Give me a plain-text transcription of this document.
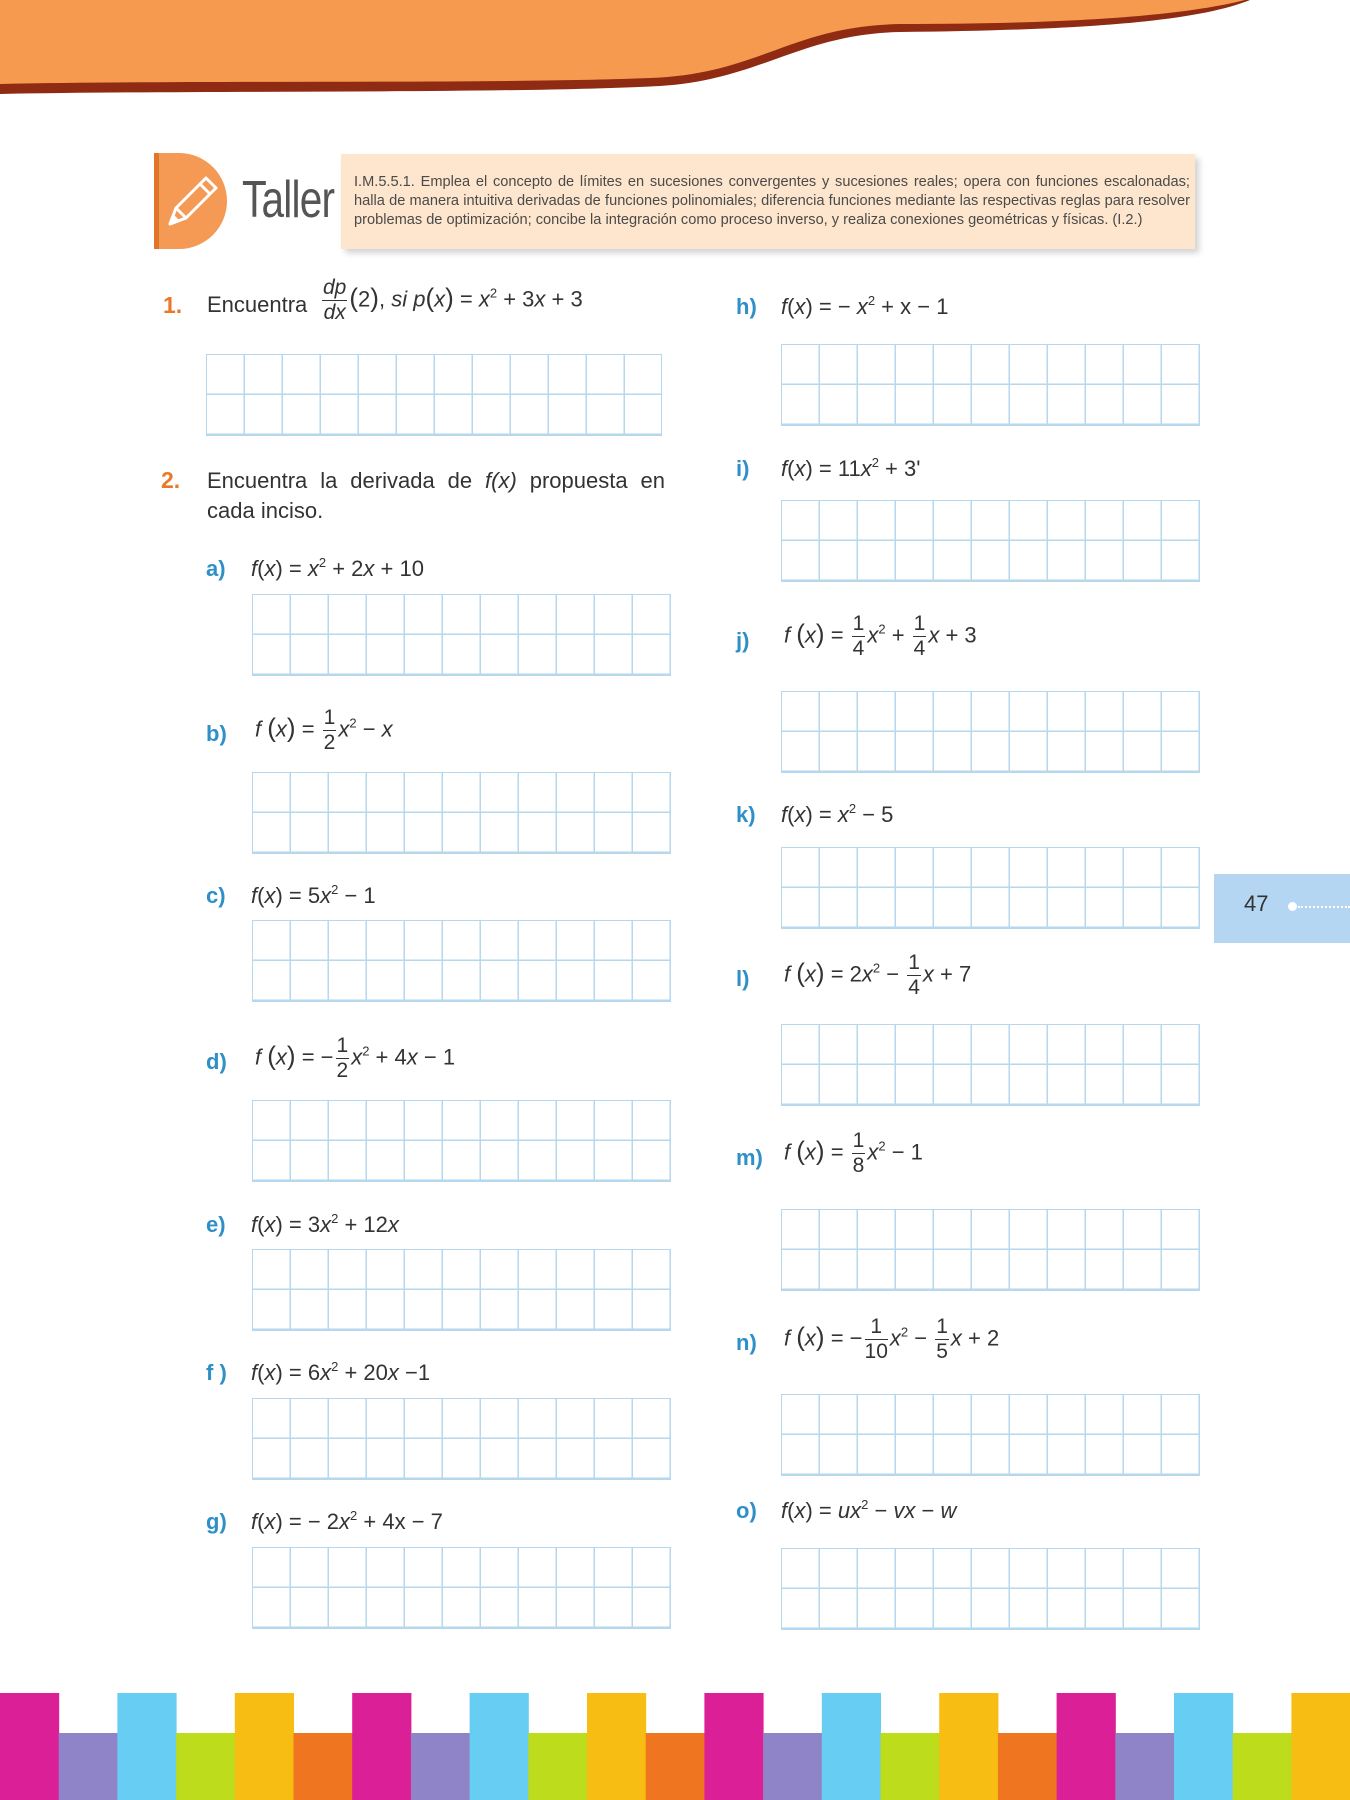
Taller I.M.5.5.1. Emplea el concepto de límites en sucesiones convergentes y sucesiones reales; opera con funciones escalonadas; halla de manera intuitiva derivadas de funciones polinomiales; diferencia funciones mediante las respectivas reglas para resolver problemas de optimización; concibe la integración como proceso inverso, y realiza conexiones geométricas y físicas. (I.2.)
1. Encuentra $\frac{dp}{dx} (2)$, si $p(x) = x^2 + 3x + 3$
2. Encuentra la derivada de f(x) propuesta en cada inciso.
a) $f(x) = x^2 + 2x + 10$
b) f $(x) = \frac{1}{2} x^2 - x$
c) $f(x) = 5x^2 - 1$
d) f (x) = − $\frac{1}{2} x^2 + 4x - 1$
e) $f(x) = 3x^2 + 12x$
f ) $f(x) = 6x^2 + 20x -1$
g) f(x) = − $2x^2 + 4x - 7$
h) f(x) = − $x^2 + x - 1$
i) $f(x) = 11x^2 + 3'$
j) f $(x) = \frac{1}{4} x^2 + \frac{1}{4}$ x + 3
k) $f(x) = x^2 - 5$
l) f $(x) = 2x^2 - \frac{1}{4}$ x + 7
m) f $(x) = \frac{1}{8} x^2 - 1$
n) f (x) = − $\frac{1}{10} x^2 - \frac{1}{5}$ x + 2
o) $f(x) = ux^2$ − vx − w
47
